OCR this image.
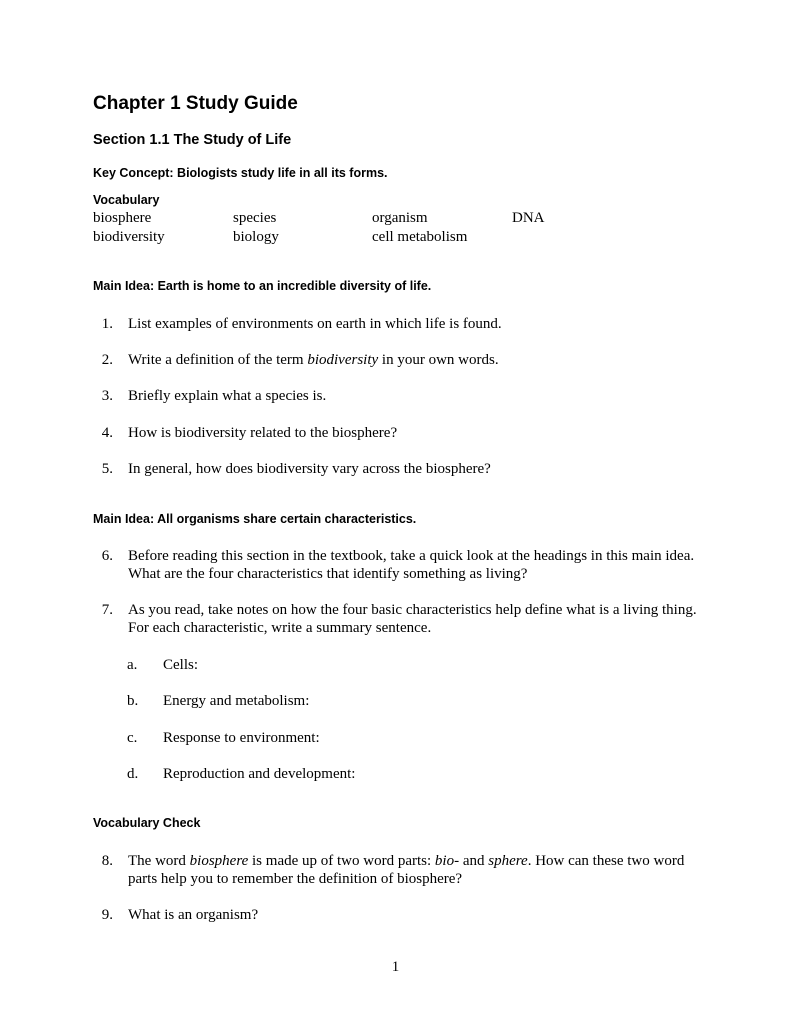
Chapter 1 Study Guide
Section 1.1 The Study of Life
Key Concept: Biologists study life in all its forms.
Vocabulary
biosphere	species	organism	DNA
biodiversity	biology	cell metabolism
Main Idea: Earth is home to an incredible diversity of life.
1. List examples of environments on earth in which life is found.
2. Write a definition of the term biodiversity in your own words.
3. Briefly explain what a species is.
4. How is biodiversity related to the biosphere?
5. In general, how does biodiversity vary across the biosphere?
Main Idea: All organisms share certain characteristics.
6. Before reading this section in the textbook, take a quick look at the headings in this main idea. What are the four characteristics that identify something as living?
7. As you read, take notes on how the four basic characteristics help define what is a living thing. For each characteristic, write a summary sentence.
a. Cells:
b. Energy and metabolism:
c. Response to environment:
d. Reproduction and development:
Vocabulary Check
8. The word biosphere is made up of two word parts: bio- and sphere. How can these two word parts help you to remember the definition of biosphere?
9. What is an organism?
1
